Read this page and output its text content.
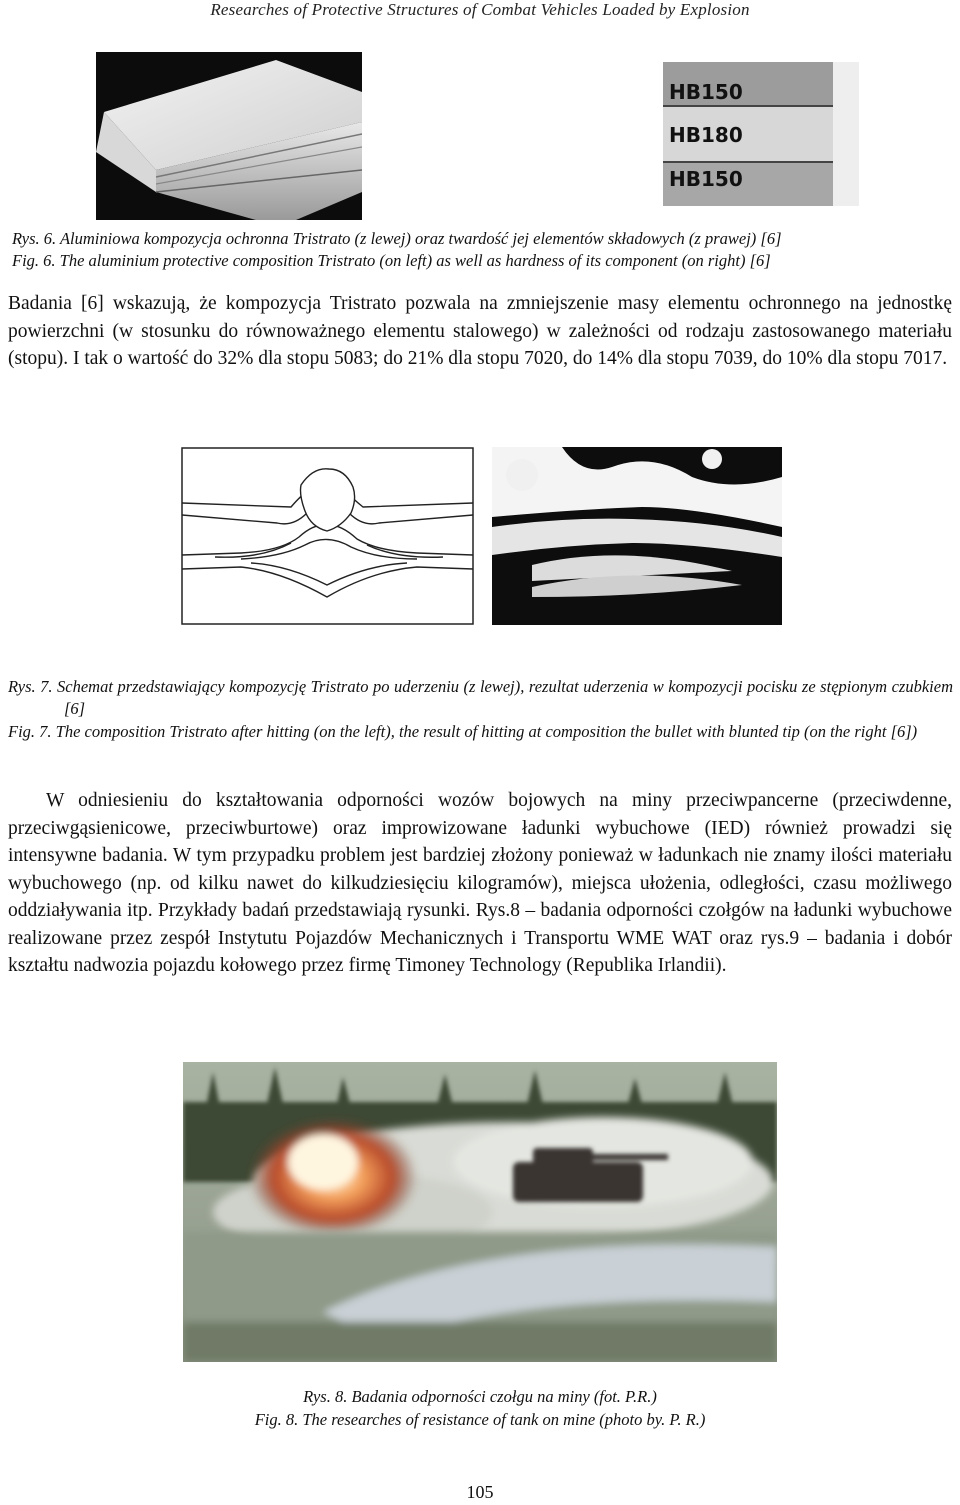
Researches of Protective Structures of Combat Vehicles Loaded by Explosion
HB150
HB180
HB150
Rys. 6. Aluminiowa kompozycja ochronna Tristrato (z lewej) oraz twardość jej elementów składowych (z prawej) [6]
Fig. 6. The aluminium protective composition Tristrato (on left) as well as hardness of its component (on right) [6]

Badania [6] wskazują, że kompozycja Tristrato pozwala na zmniejszenie masy elementu ochronnego na jednostkę powierzchni (w stosunku do równoważnego elementu stalowego) w zależności od rodzaju zastosowanego materiału (stopu). I tak o wartość do 32% dla stopu 5083; do 21% dla stopu 7020, do 14% dla stopu 7039, do 10% dla stopu 7017.

Rys. 7. Schemat przedstawiający kompozycję Tristrato po uderzeniu (z lewej), rezultat uderzenia w kompozycji pocisku ze stępionym czubkiem [6]
Fig. 7. The composition Tristrato after hitting (on the left), the result of hitting at composition the bullet with blunted tip (on the right [6])

W odniesieniu do kształtowania odporności wozów bojowych na miny przeciwpancerne (przeciwdenne, przeciwgąsienicowe, przeciwburtowe) oraz improwizowane ładunki wybuchowe (IED) również prowadzi się intensywne badania. W tym przypadku problem jest bardziej złożony ponieważ w ładunkach nie znamy ilości materiału wybuchowego (np. od kilku nawet do kilkudziesięciu kilogramów), miejsca ułożenia, odległości, czasu możliwego oddziaływania itp. Przykłady badań przedstawiają rysunki. Rys.8 – badania odporności czołgów na ładunki wybuchowe realizowane przez zespół Instytutu Pojazdów Mechanicznych i Transportu WME WAT oraz rys.9 – badania i dobór kształtu nadwozia pojazdu kołowego przez firmę Timoney Technology (Republika Irlandii).

Rys. 8. Badania odporności czołgu na miny (fot. P.R.)
Fig. 8. The researches of resistance of tank on mine (photo by. P. R.)
105
